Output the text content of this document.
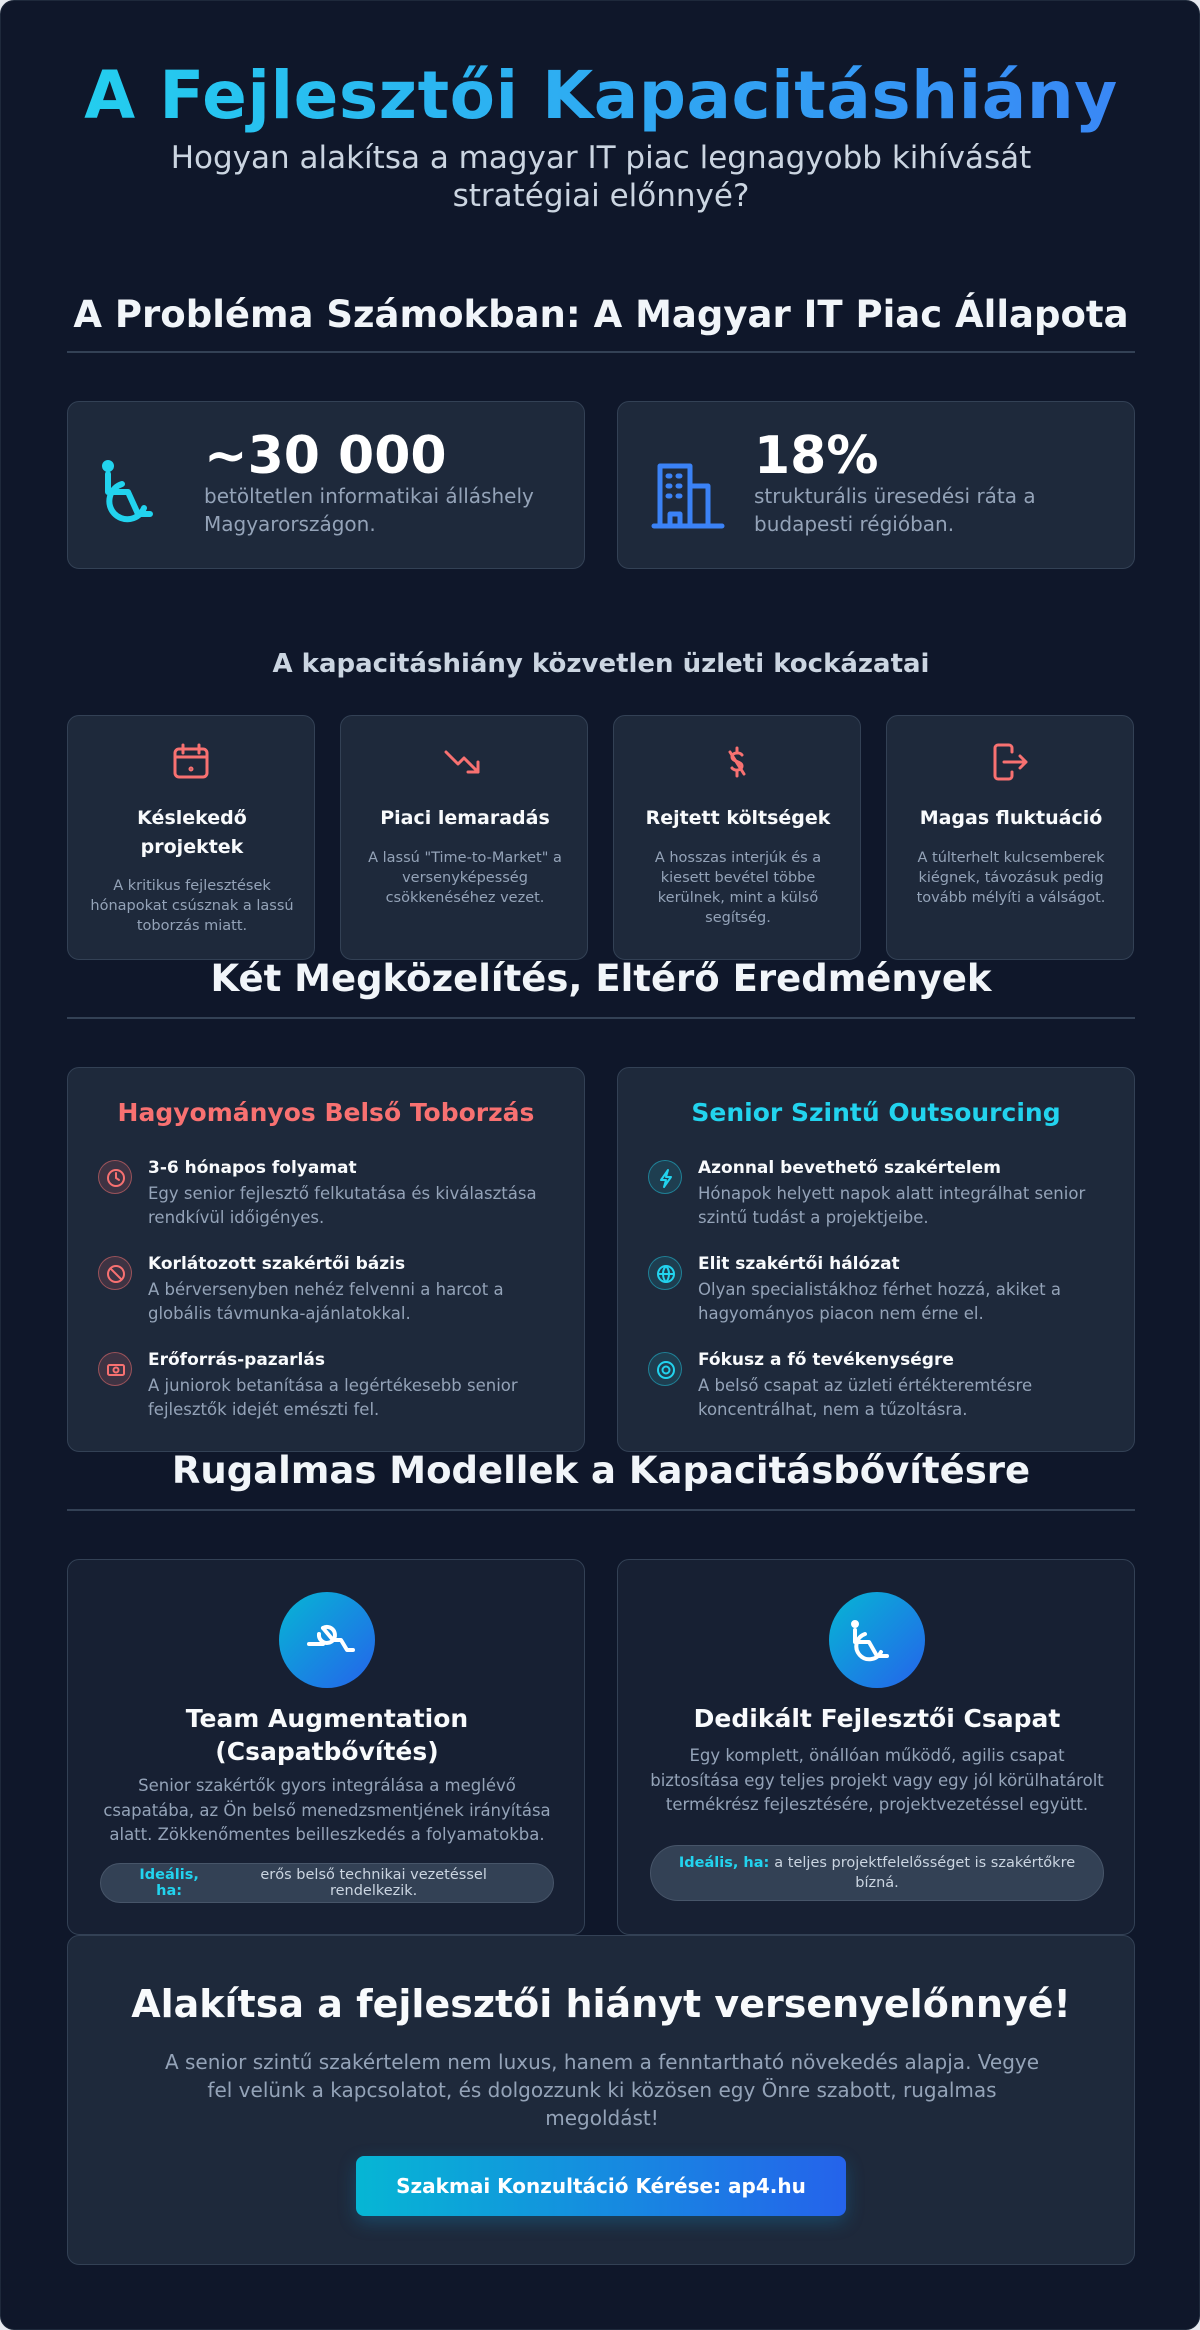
A Fejlesztői Kapacitáshiány
Hogyan alakítsa a magyar IT piac legnagyobb kihívását stratégiai előnnyé?
A Probléma Számokban: A Magyar IT Piac Állapota
~30 000
betöltetlen informatikai álláshely Magyarországon.
18%
strukturális üresedési ráta a budapesti régióban.
A kapacitáshiány közvetlen üzleti kockázatai
Késlekedő projektek
A kritikus fejlesztések hónapokat csúsznak a lassú toborzás miatt.
Piaci lemaradás
A lassú "Time-to-Market" a versenyképesség csökkenéséhez vezet.
Rejtett költségek
A hosszas interjúk és a kiesett bevétel többe kerülnek, mint a külső segítség.
Magas fluktuáció
A túlterhelt kulcsemberek kiégnek, távozásuk pedig tovább mélyíti a válságot.
Két Megközelítés, Eltérő Eredmények
Hagyományos Belső Toborzás
3-6 hónapos folyamat
Egy senior fejlesztő felkutatása és kiválasztása rendkívül időigényes.
Korlátozott szakértői bázis
A bérversenyben nehéz felvenni a harcot a globális távmunka-ajánlatokkal.
Erőforrás-pazarlás
A juniorok betanítása a legértékesebb senior fejlesztők idejét emészti fel.
Senior Szintű Outsourcing
Azonnal bevethető szakértelem
Hónapok helyett napok alatt integrálhat senior szintű tudást a projektjeibe.
Elit szakértői hálózat
Olyan specialistákhoz férhet hozzá, akiket a hagyományos piacon nem érne el.
Fókusz a fő tevékenységre
A belső csapat az üzleti értékteremtésre koncentrálhat, nem a tűzoltásra.
Rugalmas Modellek a Kapacitásbővítésre
Team Augmentation (Csapatbővítés)
Senior szakértők gyors integrálása a meglévő csapatába, az Ön belső menedzsmentjének irányítása alatt. Zökkenőmentes beilleszkedés a folyamatokba.
Ideális, ha:
erős belső technikai vezetéssel rendelkezik.
Dedikált Fejlesztői Csapat
Egy komplett, önállóan működő, agilis csapat biztosítása egy teljes projekt vagy egy jól körülhatárolt termékrész fejlesztésére, projektvezetéssel együtt.
Ideális, ha: a teljes projektfelelősséget is szakértőkre bízná.
Alakítsa a fejlesztői hiányt versenyelőnnyé!
A senior szintű szakértelem nem luxus, hanem a fenntartható növekedés alapja. Vegye fel velünk a kapcsolatot, és dolgozzunk ki közösen egy Önre szabott, rugalmas megoldást!
Szakmai Konzultáció Kérése: ap4.hu
